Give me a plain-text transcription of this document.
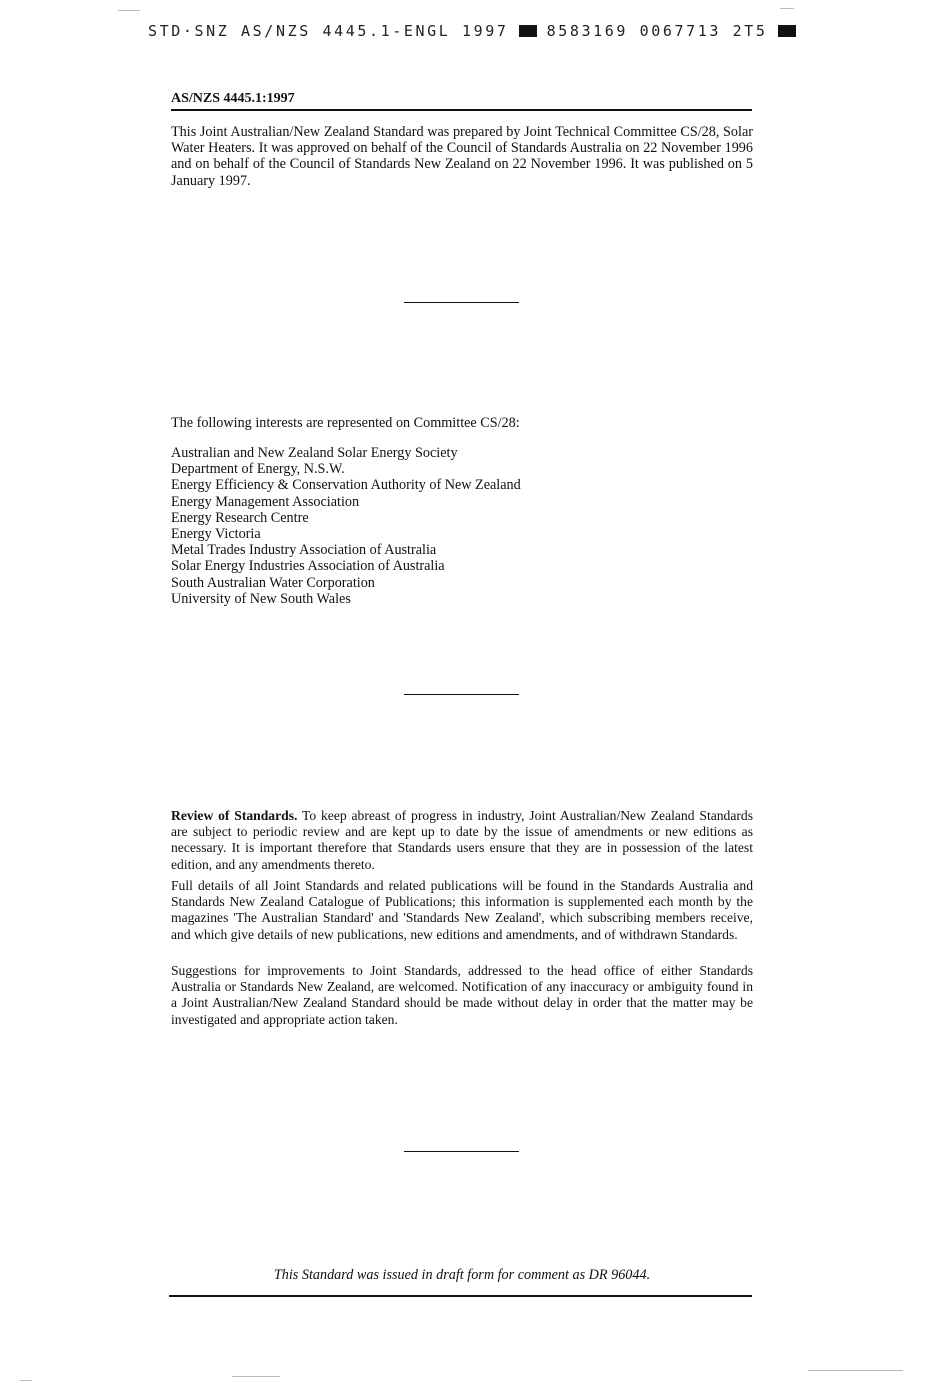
STD·SNZ AS/NZS 4445.1-ENGL 1997	8583169 0067713 2T5
AS/NZS 4445.1:1997

This Joint Australian/New Zealand Standard was prepared by Joint Technical Committee CS/28, Solar Water Heaters. It was approved on behalf of the Council of Standards Australia on 22 November 1996 and on behalf of the Council of Standards New Zealand on 22 November 1996. It was published on 5 January 1997.

The following interests are represented on Committee CS/28:

Australian and New Zealand Solar Energy Society
Department of Energy, N.S.W.
Energy Efficiency & Conservation Authority of New Zealand
Energy Management Association
Energy Research Centre
Energy Victoria
Metal Trades Industry Association of Australia
Solar Energy Industries Association of Australia
South Australian Water Corporation
University of New South Wales

Review of Standards. To keep abreast of progress in industry, Joint Australian/New Zealand Standards are subject to periodic review and are kept up to date by the issue of amendments or new editions as necessary. It is important therefore that Standards users ensure that they are in possession of the latest edition, and any amendments thereto.

Full details of all Joint Standards and related publications will be found in the Standards Australia and Standards New Zealand Catalogue of Publications; this information is supplemented each month by the magazines 'The Australian Standard' and 'Standards New Zealand', which subscribing members receive, and which give details of new publications, new editions and amendments, and of withdrawn Standards.

Suggestions for improvements to Joint Standards, addressed to the head office of either Standards Australia or Standards New Zealand, are welcomed. Notification of any inaccuracy or ambiguity found in a Joint Australian/New Zealand Standard should be made without delay in order that the matter may be investigated and appropriate action taken.

This Standard was issued in draft form for comment as DR 96044.
